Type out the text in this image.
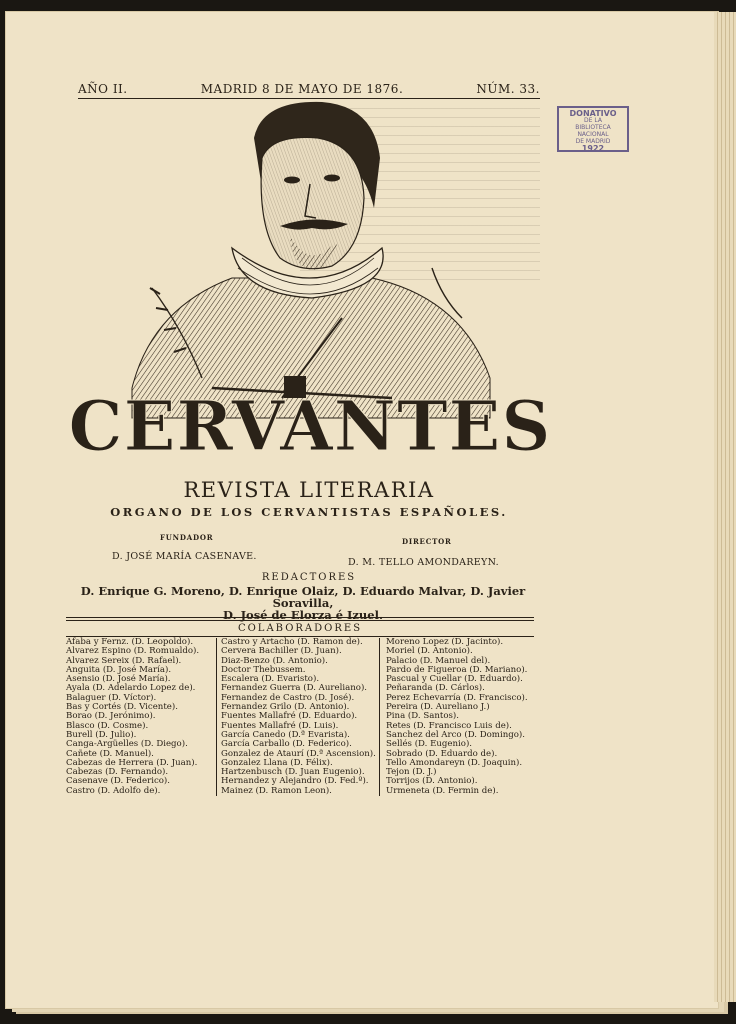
AÑO II.	MADRID 8 DE MAYO DE 1876.	NÚM. 33.
DONATIVO
DE LA
BIBLIOTECA NACIONAL
DE MADRID
1922
CERVANTES
REVISTA LITERARIA
ORGANO DE LOS CERVANTISTAS ESPAÑOLES.
FUNDADOR
D. JOSÉ MARÍA CASENAVE.
DIRECTOR
D. M. TELLO AMONDAREYN.
REDACTORES
D. Enrique G. Moreno, D. Enrique Olaiz, D. Eduardo Malvar, D. Javier Soravilla,
D. José de Elorza é Izuel.
COLABORADORES
Afaba y Fernz. (D. Leopoldo).
Alvarez Espino (D. Romualdo).
Alvarez Sereix (D. Rafael).
Anguita (D. José María).
Asensio (D. José María).
Ayala (D. Adelardo Lopez de).
Balaguer (D. Víctor).
Bas y Cortés (D. Vicente).
Borao (D. Jerónimo).
Blasco (D. Cosme).
Burell (D. Julio).
Canga-Argüelles (D. Diego).
Cañete (D. Manuel).
Cabezas de Herrera (D. Juan).
Cabezas (D. Fernando).
Casenave (D. Federico).
Castro (D. Adolfo de).
Castro y Artacho (D. Ramon de).
Cervera Bachiller (D. Juan).
Diaz-Benzo (D. Antonio).
Doctor Thebussem.
Escalera (D. Evaristo).
Fernandez Guerra (D. Aureliano).
Fernandez de Castro (D. José).
Fernandez Grilo (D. Antonio).
Fuentes Mallafré (D. Eduardo).
Fuentes Mallafré (D. Luis).
García Canedo (D.ª Evarista).
García Carballo (D. Federico).
Gonzalez de Ataurí (D.ª Ascension).
Gonzalez Llana (D. Félix).
Hartzenbusch (D. Juan Eugenio).
Hernandez y Alejandro (D. Fed.º).
Mainez (D. Ramon Leon).
Moreno Lopez (D. Jacinto).
Moriel (D. Antonio).
Palacio (D. Manuel del).
Pardo de Figueroa (D. Mariano).
Pascual y Cuellar (D. Eduardo).
Peñaranda (D. Cárlos).
Perez Echevarría (D. Francisco).
Pereira (D. Aureliano J.)
Pina (D. Santos).
Retes (D. Francisco Luis de).
Sanchez del Arco (D. Domingo).
Sellés (D. Eugenio).
Sobrado (D. Eduardo de).
Tello Amondareyn (D. Joaquin).
Tejon (D. J.)
Torrijos (D. Antonio).
Urmeneta (D. Fermin de).
